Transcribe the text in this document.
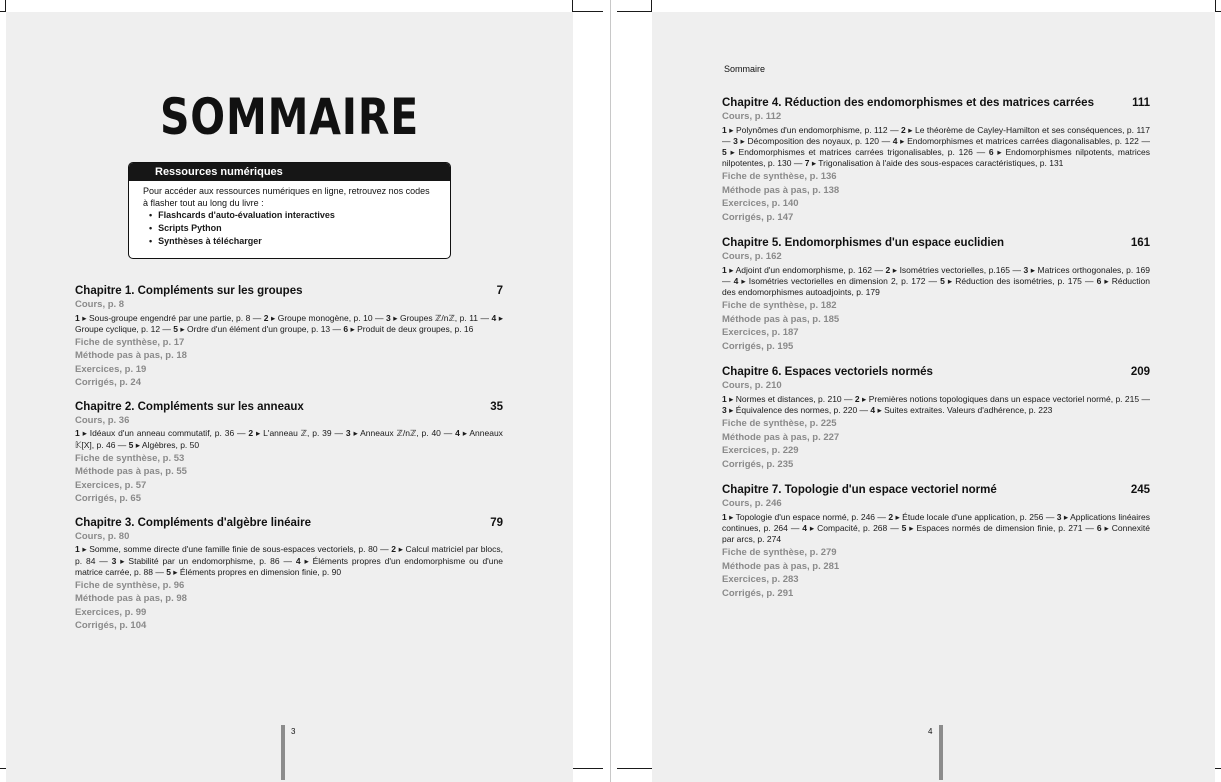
SOMMAIRE
Ressources numériques
Pour accéder aux ressources numériques en ligne, retrouvez nos codes à flasher tout au long du livre :
• Flashcards d'auto-évaluation interactives
• Scripts Python
• Synthèses à télécharger
Chapitre 1. Compléments sur les groupes	7
Cours, p. 8
1 ▸ Sous-groupe engendré par une partie, p. 8 — 2 ▸ Groupe monogène, p. 10 — 3 ▸ Groupes ℤ/nℤ, p. 11 — 4 ▸ Groupe cyclique, p. 12 — 5 ▸ Ordre d'un élément d'un groupe, p. 13 — 6 ▸ Produit de deux groupes, p. 16
Fiche de synthèse, p. 17
Méthode pas à pas, p. 18
Exercices, p. 19
Corrigés, p. 24
Chapitre 2. Compléments sur les anneaux	35
Cours, p. 36
1 ▸ Idéaux d'un anneau commutatif, p. 36 — 2 ▸ L'anneau ℤ, p. 39 — 3 ▸ Anneaux ℤ/nℤ, p. 40 — 4 ▸ Anneaux 𝕂[X], p. 46 — 5 ▸ Algèbres, p. 50
Fiche de synthèse, p. 53
Méthode pas à pas, p. 55
Exercices, p. 57
Corrigés, p. 65
Chapitre 3. Compléments d'algèbre linéaire	79
Cours, p. 80
1 ▸ Somme, somme directe d'une famille finie de sous-espaces vectoriels, p. 80 — 2 ▸ Calcul matriciel par blocs, p. 84 — 3 ▸ Stabilité par un endomorphisme, p. 86 — 4 ▸ Éléments propres d'un endomorphisme ou d'une matrice carrée, p. 88 — 5 ▸ Éléments propres en dimension finie, p. 90
Fiche de synthèse, p. 96
Méthode pas à pas, p. 98
Exercices, p. 99
Corrigés, p. 104
3
Sommaire
Chapitre 4. Réduction des endomorphismes et des matrices carrées	111
Cours, p. 112
1 ▸ Polynômes d'un endomorphisme, p. 112 — 2 ▸ Le théorème de Cayley-Hamilton et ses conséquences, p. 117 — 3 ▸ Décomposition des noyaux, p. 120 — 4 ▸ Endomorphismes et matrices carrées diagonalisables, p. 122 — 5 ▸ Endomorphismes et matrices carrées trigonalisables, p. 126 — 6 ▸ Endomorphismes nilpotents, matrices nilpotentes, p. 130 — 7 ▸ Trigonalisation à l'aide des sous-espaces caractéristiques, p. 131
Fiche de synthèse, p. 136
Méthode pas à pas, p. 138
Exercices, p. 140
Corrigés, p. 147
Chapitre 5. Endomorphismes d'un espace euclidien	161
Cours, p. 162
1 ▸ Adjoint d'un endomorphisme, p. 162 — 2 ▸ Isométries vectorielles, p.165 — 3 ▸ Matrices orthogonales, p. 169 — 4 ▸ Isométries vectorielles en dimension 2, p. 172 — 5 ▸ Réduction des isométries, p. 175 — 6 ▸ Réduction des endomorphismes autoadjoints, p. 179
Fiche de synthèse, p. 182
Méthode pas à pas, p. 185
Exercices, p. 187
Corrigés, p. 195
Chapitre 6. Espaces vectoriels normés	209
Cours, p. 210
1 ▸ Normes et distances, p. 210 — 2 ▸ Premières notions topologiques dans un espace vectoriel normé, p. 215 — 3 ▸ Équivalence des normes, p. 220 — 4 ▸ Suites extraites. Valeurs d'adhérence, p. 223
Fiche de synthèse, p. 225
Méthode pas à pas, p. 227
Exercices, p. 229
Corrigés, p. 235
Chapitre 7. Topologie d'un espace vectoriel normé	245
Cours, p. 246
1 ▸ Topologie d'un espace normé, p. 246 — 2 ▸ Étude locale d'une application, p. 256 — 3 ▸ Applications linéaires continues, p. 264 — 4 ▸ Compacité, p. 268 — 5 ▸ Espaces normés de dimension finie, p. 271 — 6 ▸ Connexité par arcs, p. 274
Fiche de synthèse, p. 279
Méthode pas à pas, p. 281
Exercices, p. 283
Corrigés, p. 291
4
